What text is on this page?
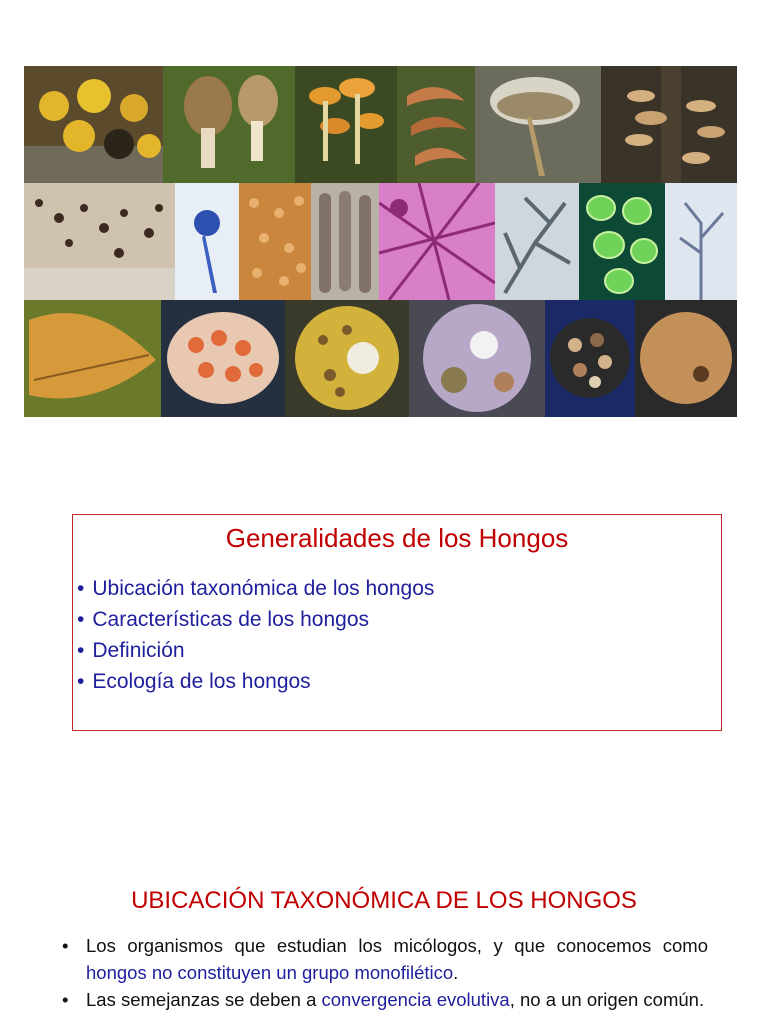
Generalidades de los Hongos
• Ubicación taxonómica de los hongos
• Características de los hongos
• Definición
• Ecología de los hongos
UBICACIÓN TAXONÓMICA DE LOS HONGOS
• Los organismos que estudian los micólogos, y que conocemos como hongos no constituyen un grupo monofilético.
• Las semejanzas se deben a convergencia evolutiva, no a un origen común.
